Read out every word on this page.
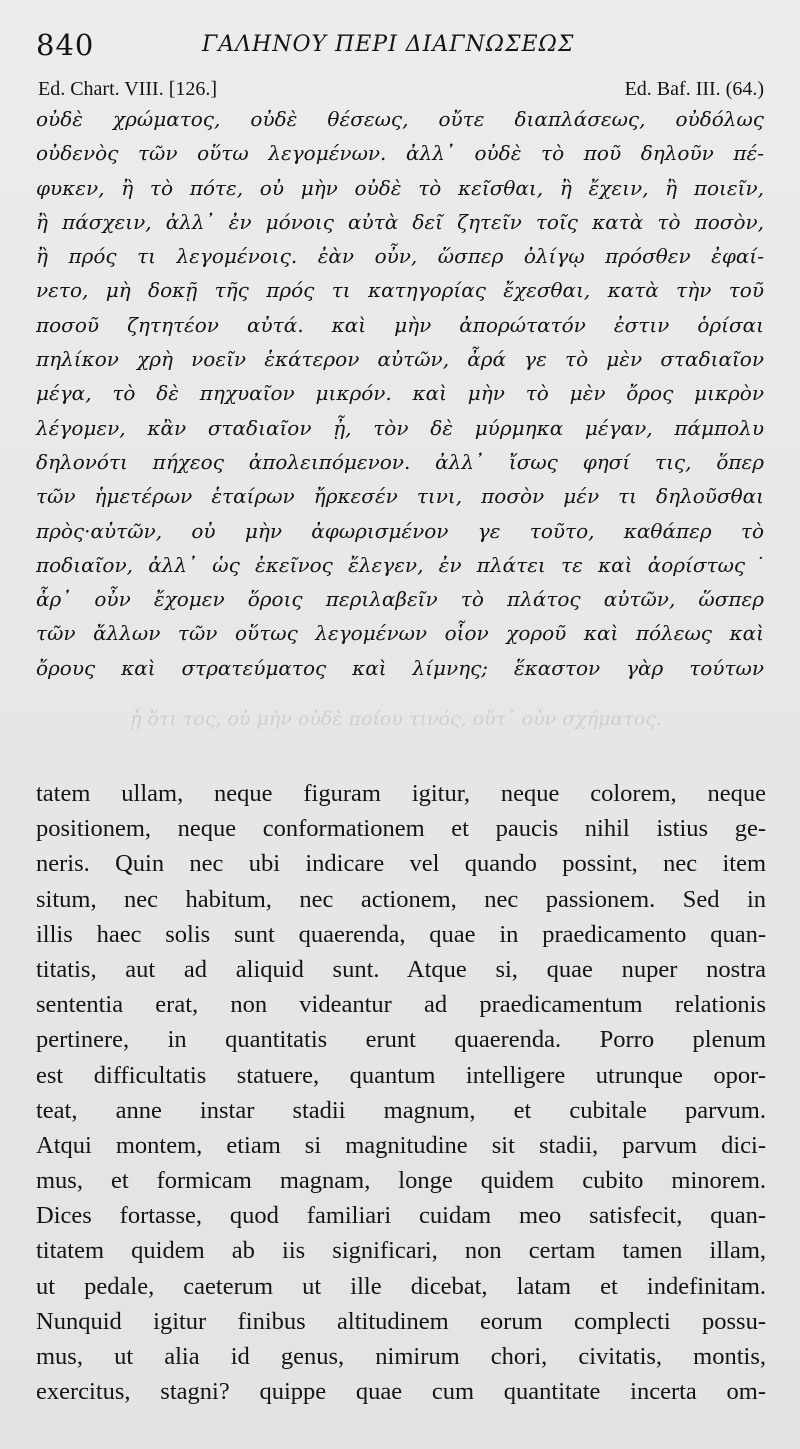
840	ΓΑΛΗΝΟΥ ΠΕΡΙ ΔΙΑΓΝΩΣΕΩΣ
Ed. Chart. VIII. [126.]	Ed. Baf. III. (64.)
οὐδὲ χρώματος, οὐδὲ θέσεως, οὔτε διαπλάσεως, οὐδόλως
οὐδενὸς τῶν οὕτω λεγομένων. ἀλλ᾽ οὐδὲ τὸ ποῦ δηλοῦν πέ-
φυκεν, ἢ τὸ πότε, οὐ μὴν οὐδὲ τὸ κεῖσθαι, ἢ ἔχειν, ἢ ποιεῖν,
ἢ πάσχειν, ἀλλ᾽ ἐν μόνοις αὐτὰ δεῖ ζητεῖν τοῖς κατὰ τὸ ποσὸν,
ἢ πρός τι λεγομένοις. ἐὰν οὖν, ὥσπερ ὀλίγῳ πρόσθεν ἐφαί-
νετο, μὴ δοκῇ τῆς πρός τι κατηγορίας ἔχεσθαι, κατὰ τὴν τοῦ
ποσοῦ ζητητέον αὐτά. καὶ μὴν ἀπορώτατόν ἐστιν ὁρίσαι
πηλίκον χρὴ νοεῖν ἑκάτερον αὐτῶν, ἆρά γε τὸ μὲν σταδιαῖον
μέγα, τὸ δὲ πηχυαῖον μικρόν. καὶ μὴν τὸ μὲν ὄρος μικρὸν
λέγομεν, κἂν σταδιαῖον ᾖ, τὸν δὲ μύρμηκα μέγαν, πάμπολυ
δηλονότι πήχεος ἀπολειπόμενον. ἀλλ᾽ ἴσως φησί τις, ὅπερ
τῶν ἡμετέρων ἑταίρων ἤρκεσέν τινι, ποσὸν μέν τι δηλοῦσθαι
πρὸς·αὐτῶν, οὐ μὴν ἀφωρισμένον γε τοῦτο, καθάπερ τὸ
ποδιαῖον, ἀλλ᾽ ὡς ἐκεῖνος ἔλεγεν, ἐν πλάτει τε καὶ ἀορίστως˙
ἆρ᾽ οὖν ἔχομεν ὅροις περιλαβεῖν τὸ πλάτος αὐτῶν, ὥσπερ
τῶν ἄλλων τῶν οὕτως λεγομένων οἷον χοροῦ καὶ πόλεως καὶ
ὄρους καὶ στρατεύματος καὶ λίμνης; ἕκαστον γὰρ τούτων
ᾗ ὅτι τος, οὐ μὴν οὐδὲ ποίου τινός, οὔτ᾽ οὖν σχήματος.
tatem ullam, neque figuram igitur, neque colorem, neque
positionem, neque conformationem et paucis nihil istius ge-
neris. Quin nec ubi indicare vel quando possint, nec item
situm, nec habitum, nec actionem, nec passionem. Sed in
illis haec solis sunt quaerenda, quae in praedicamento quan-
titatis, aut ad aliquid sunt. Atque si, quae nuper nostra
sententia erat, non videantur ad praedicamentum relationis
pertinere, in quantitatis erunt quaerenda. Porro plenum
est difficultatis statuere, quantum intelligere utrunque opor-
teat, anne instar stadii magnum, et cubitale parvum.
Atqui montem, etiam si magnitudine sit stadii, parvum dici-
mus, et formicam magnam, longe quidem cubito minorem.
Dices fortasse, quod familiari cuidam meo satisfecit, quan-
titatem quidem ab iis significari, non certam tamen illam,
ut pedale, caeterum ut ille dicebat, latam et indefinitam.
Nunquid igitur finibus altitudinem eorum complecti possu-
mus, ut alia id genus, nimirum chori, civitatis, montis,
exercitus, stagni? quippe quae cum quantitate incerta om-
